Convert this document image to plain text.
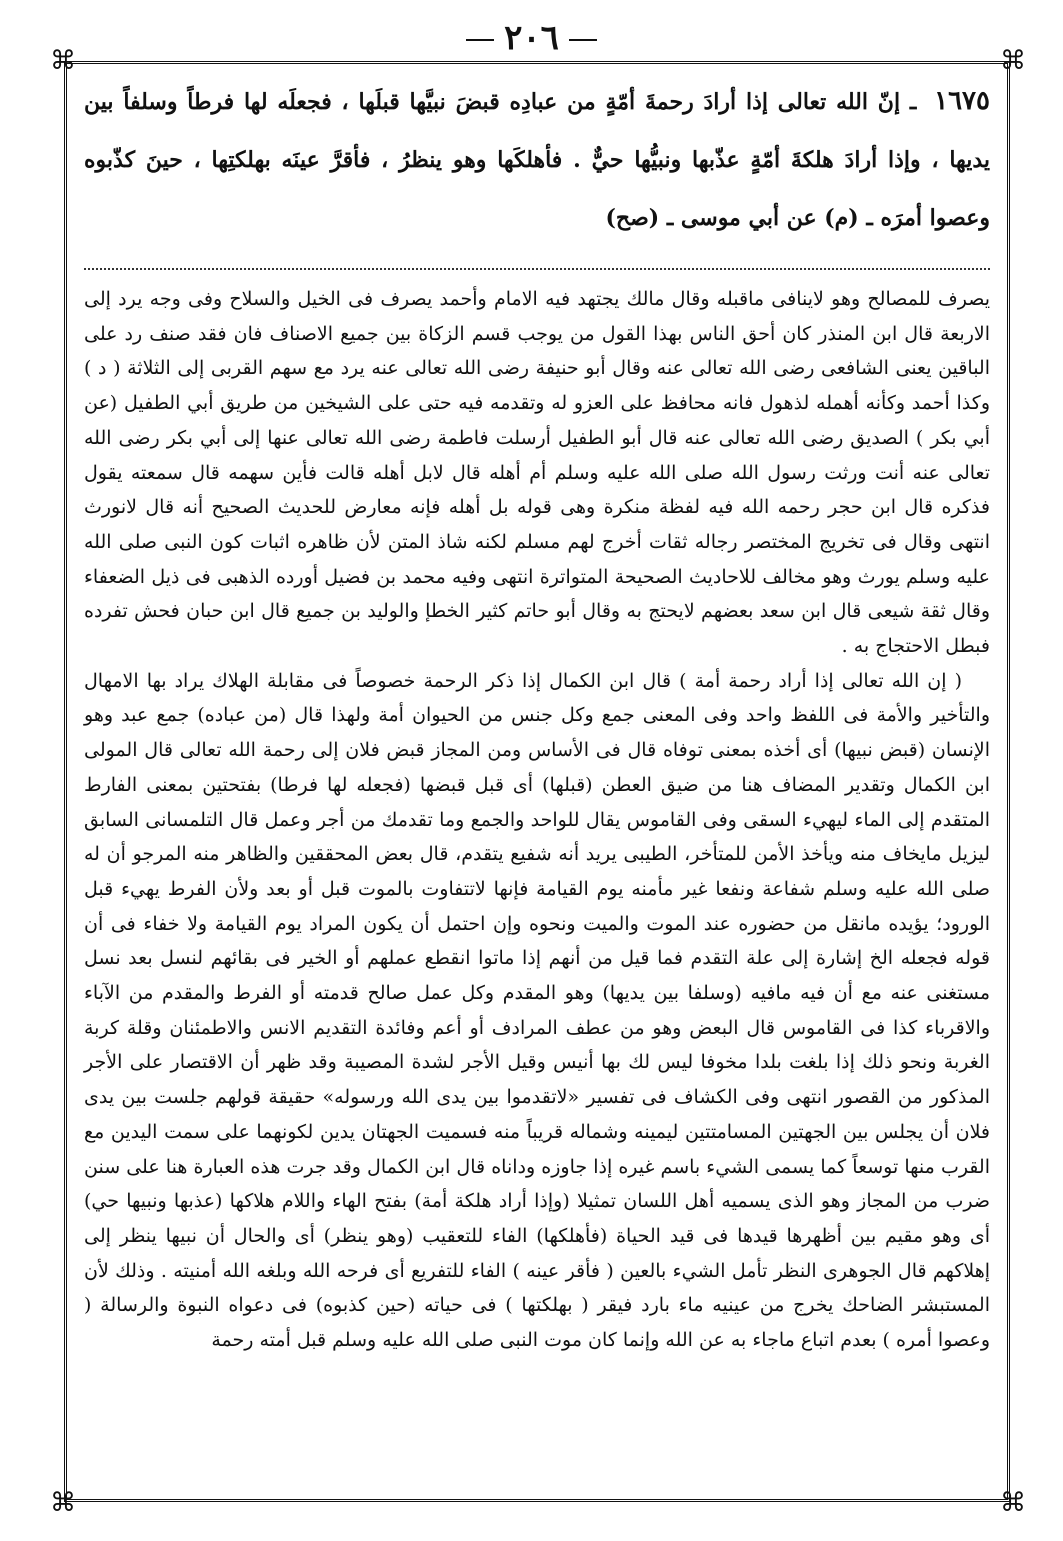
٢٠٦
⌘	⌘
⌘	⌘
١٦٧٥ ـ إنّ الله تعالى إذا أرادَ رحمةَ أمّةٍ من عبادِه قبضَ نبيَّها قبلَها ، فجعلَه لها فرطاً وسلفاً بين يديها ، وإذا أرادَ هلكةَ أمّةٍ عذّبها ونبيُّها حيٌّ . فأهلكَها وهو ينظرُ ، فأقرَّ عينَه بهلكتِها ، حينَ كذّبوه وعصوا أمرَه ـ (م) عن أبي موسى ـ (صح)

يصرف للمصالح وهو لاينافى ماقبله وقال مالك يجتهد فيه الامام وأحمد يصرف فى الخيل والسلاح وفى وجه يرد إلى الاربعة قال ابن المنذر كان أحق الناس بهذا القول من يوجب قسم الزكاة بين جميع الاصناف فان فقد صنف رد على الباقين يعنى الشافعى رضى الله تعالى عنه وقال أبو حنيفة رضى الله تعالى عنه يرد مع سهم القربى إلى الثلاثة ( د ) وكذا أحمد وكأنه أهمله لذهول فانه محافظ على العزو له وتقدمه فيه حتى على الشيخين من طريق أبي الطفيل (عن أبي بكر ) الصديق رضى الله تعالى عنه قال أبو الطفيل أرسلت فاطمة رضى الله تعالى عنها إلى أبي بكر رضى الله تعالى عنه أنت ورثت رسول الله صلى الله عليه وسلم أم أهله قال لابل أهله قالت فأين سهمه قال سمعته يقول فذكره قال ابن حجر رحمه الله فيه لفظة منكرة وهى قوله بل أهله فإنه معارض للحديث الصحيح أنه قال لانورث انتهى وقال فى تخريج المختصر رجاله ثقات أخرج لهم مسلم لكنه شاذ المتن لأن ظاهره اثبات كون النبى صلى الله عليه وسلم يورث وهو مخالف للاحاديث الصحيحة المتواترة انتهى وفيه محمد بن فضيل أورده الذهبى فى ذيل الضعفاء وقال ثقة شيعى قال ابن سعد بعضهم لايحتج به وقال أبو حاتم كثير الخطإ والوليد بن جميع قال ابن حبان فحش تفرده فبطل الاحتجاج به .

( إن الله تعالى إذا أراد رحمة أمة ) قال ابن الكمال إذا ذكر الرحمة خصوصاً فى مقابلة الهلاك يراد بها الامهال والتأخير والأمة فى اللفظ واحد وفى المعنى جمع وكل جنس من الحيوان أمة ولهذا قال (من عباده) جمع عبد وهو الإنسان (قبض نبيها) أى أخذه بمعنى توفاه قال فى الأساس ومن المجاز قبض فلان إلى رحمة الله تعالى قال المولى ابن الكمال وتقدير المضاف هنا من ضيق العطن (قبلها) أى قبل قبضها (فجعله لها فرطا) بفتحتين بمعنى الفارط المتقدم إلى الماء ليهيء السقى وفى القاموس يقال للواحد والجمع وما تقدمك من أجر وعمل قال التلمسانى السابق ليزيل مايخاف منه ويأخذ الأمن للمتأخر، الطيبى يريد أنه شفيع يتقدم، قال بعض المحققين والظاهر منه المرجو أن له صلى الله عليه وسلم شفاعة ونفعا غير مأمنه يوم القيامة فإنها لاتتفاوت بالموت قبل أو بعد ولأن الفرط يهيء قبل الورود؛ يؤيده مانقل من حضوره عند الموت والميت ونحوه وإن احتمل أن يكون المراد يوم القيامة ولا خفاء فى أن قوله فجعله الخ إشارة إلى علة التقدم فما قيل من أنهم إذا ماتوا انقطع عملهم أو الخير فى بقائهم لنسل بعد نسل مستغنى عنه مع أن فيه مافيه (وسلفا بين يديها) وهو المقدم وكل عمل صالح قدمته أو الفرط والمقدم من الآباء والاقرباء كذا فى القاموس قال البعض وهو من عطف المرادف أو أعم وفائدة التقديم الانس والاطمئنان وقلة كربة الغربة ونحو ذلك إذا بلغت بلدا مخوفا ليس لك بها أنيس وقيل الأجر لشدة المصيبة وقد ظهر أن الاقتصار على الأجر المذكور من القصور انتهى وفى الكشاف فى تفسير «لاتقدموا بين يدى الله ورسوله» حقيقة قولهم جلست بين يدى فلان أن يجلس بين الجهتين المسامتتين ليمينه وشماله قريباً منه فسميت الجهتان يدين لكونهما على سمت اليدين مع القرب منها توسعاً كما يسمى الشيء باسم غيره إذا جاوزه وداناه قال ابن الكمال وقد جرت هذه العبارة هنا على سنن ضرب من المجاز وهو الذى يسميه أهل اللسان تمثيلا (وإذا أراد هلكة أمة) بفتح الهاء واللام هلاكها (عذبها ونبيها حي) أى وهو مقيم بين أظهرها قيدها فى قيد الحياة (فأهلكها) الفاء للتعقيب (وهو ينظر) أى والحال أن نبيها ينظر إلى إهلاكهم قال الجوهرى النظر تأمل الشيء بالعين ( فأقر عينه ) الفاء للتفريع أى فرحه الله وبلغه الله أمنيته . وذلك لأن المستبشر الضاحك يخرج من عينيه ماء بارد فيقر ( بهلكتها ) فى حياته (حين كذبوه) فى دعواه النبوة والرسالة ( وعصوا أمره ) بعدم اتباع ماجاء به عن الله وإنما كان موت النبى صلى الله عليه وسلم قبل أمته رحمة
